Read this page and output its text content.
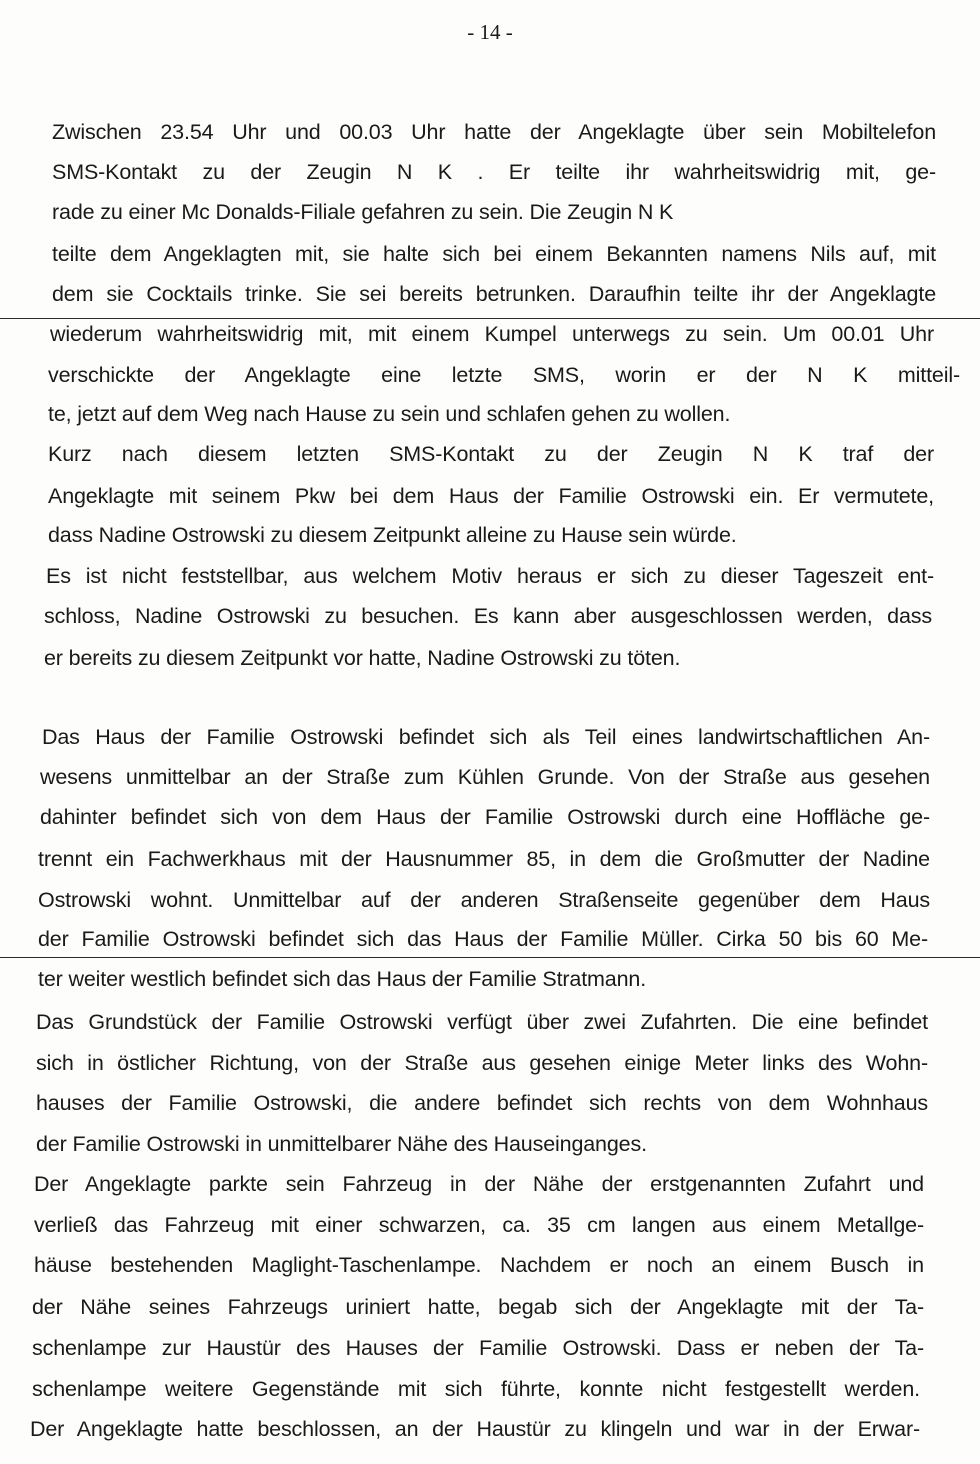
- 14 -
Zwischen 23.54 Uhr und 00.03 Uhr hatte der Angeklagte über sein Mobiltelefon
SMS-Kontakt zu der Zeugin N K . Er teilte ihr wahrheitswidrig mit, ge-
rade zu einer Mc Donalds-Filiale gefahren zu sein. Die Zeugin N K
teilte dem Angeklagten mit, sie halte sich bei einem Bekannten namens Nils auf, mit
dem sie Cocktails trinke. Sie sei bereits betrunken. Daraufhin teilte ihr der Angeklagte
wiederum wahrheitswidrig mit, mit einem Kumpel unterwegs zu sein. Um 00.01 Uhr
verschickte der Angeklagte eine letzte SMS, worin er der N K mitteil-
te, jetzt auf dem Weg nach Hause zu sein und schlafen gehen zu wollen.
Kurz nach diesem letzten SMS-Kontakt zu der Zeugin N K traf der
Angeklagte mit seinem Pkw bei dem Haus der Familie Ostrowski ein. Er vermutete,
dass Nadine Ostrowski zu diesem Zeitpunkt alleine zu Hause sein würde.
Es ist nicht feststellbar, aus welchem Motiv heraus er sich zu dieser Tageszeit ent-
schloss, Nadine Ostrowski zu besuchen. Es kann aber ausgeschlossen werden, dass
er bereits zu diesem Zeitpunkt vor hatte, Nadine Ostrowski zu töten.
Das Haus der Familie Ostrowski befindet sich als Teil eines landwirtschaftlichen An-
wesens unmittelbar an der Straße zum Kühlen Grunde. Von der Straße aus gesehen
dahinter befindet sich von dem Haus der Familie Ostrowski durch eine Hoffläche ge-
trennt ein Fachwerkhaus mit der Hausnummer 85, in dem die Großmutter der Nadine
Ostrowski wohnt. Unmittelbar auf der anderen Straßenseite gegenüber dem Haus
der Familie Ostrowski befindet sich das Haus der Familie Müller. Cirka 50 bis 60 Me-
ter weiter westlich befindet sich das Haus der Familie Stratmann.
Das Grundstück der Familie Ostrowski verfügt über zwei Zufahrten. Die eine befindet
sich in östlicher Richtung, von der Straße aus gesehen einige Meter links des Wohn-
hauses der Familie Ostrowski, die andere befindet sich rechts von dem Wohnhaus
der Familie Ostrowski in unmittelbarer Nähe des Hauseinganges.
Der Angeklagte parkte sein Fahrzeug in der Nähe der erstgenannten Zufahrt und
verließ das Fahrzeug mit einer schwarzen, ca. 35 cm langen aus einem Metallge-
häuse bestehenden Maglight-Taschenlampe. Nachdem er noch an einem Busch in
der Nähe seines Fahrzeugs uriniert hatte, begab sich der Angeklagte mit der Ta-
schenlampe zur Haustür des Hauses der Familie Ostrowski. Dass er neben der Ta-
schenlampe weitere Gegenstände mit sich führte, konnte nicht festgestellt werden.
Der Angeklagte hatte beschlossen, an der Haustür zu klingeln und war in der Erwar-
